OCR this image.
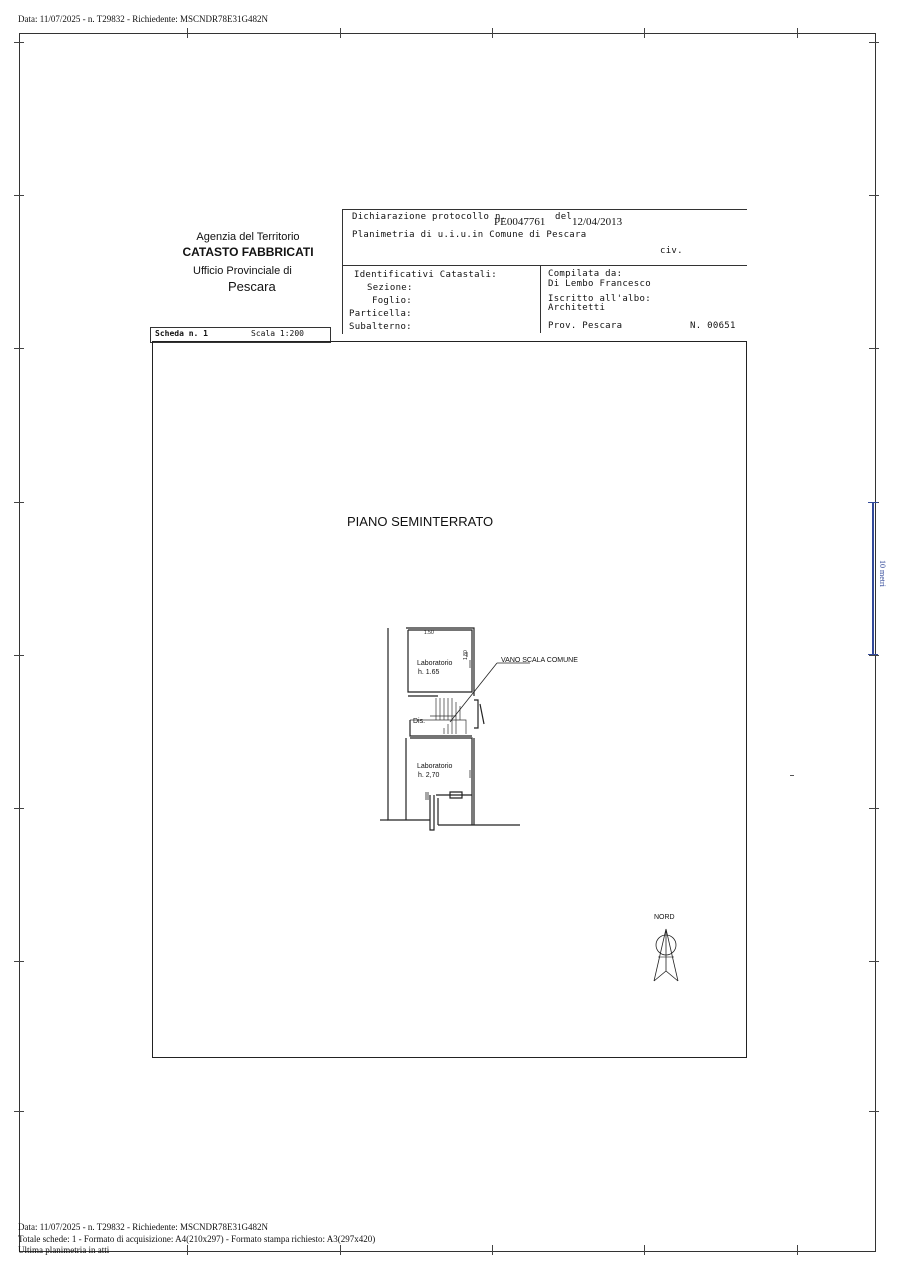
Data: 11/07/2025 - n. T29832 - Richiedente: MSCNDR78E31G482N
Agenzia del Territorio
CATASTO FABBRICATI
Ufficio Provinciale di
Pescara
Dichiarazione protocollo n.
PE0047761 del 12/04/2013
Planimetria di u.i.u.in Comune di Pescara
civ.
Identificativi Catastali:
Sezione:
Foglio:
Particella:
Subalterno:
Compilata da:
Di Lembo Francesco
Iscritto all'albo:
Architetti
Prov. Pescara	N. 00651
Scheda n. 1	Scala 1:200
PIANO SEMINTERRATO
1.50
1.80
Laboratorio
h. 1.65
Dis.
VANO SCALA COMUNE
Laboratorio
h. 2,70
NORD
10 metri
Data: 11/07/2025 - n. T29832 - Richiedente: MSCNDR78E31G482N
Totale schede: 1 - Formato di acquisizione: A4(210x297) - Formato stampa richiesto: A3(297x420)
Ultima planimetria in atti
